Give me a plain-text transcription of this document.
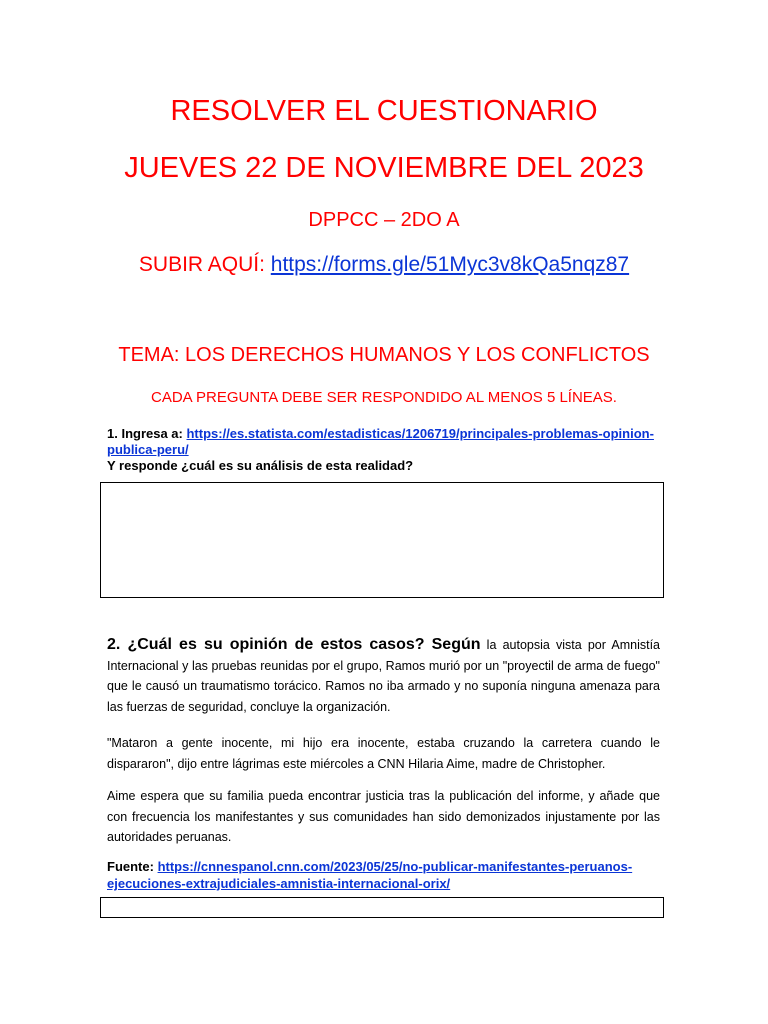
RESOLVER EL CUESTIONARIO
JUEVES 22 DE NOVIEMBRE DEL 2023
DPPCC – 2DO A
SUBIR AQUÍ: https://forms.gle/51Myc3v8kQa5nqz87
TEMA: LOS DERECHOS HUMANOS Y LOS CONFLICTOS
CADA PREGUNTA DEBE SER RESPONDIDO AL MENOS 5 LÍNEAS.
1. Ingresa a: https://es.statista.com/estadisticas/1206719/principales-problemas-opinion-publica-peru/
Y responde ¿cuál es su análisis de esta realidad?
2. ¿Cuál es su opinión de estos casos? Según la autopsia vista por Amnistía Internacional y las pruebas reunidas por el grupo, Ramos murió por un "proyectil de arma de fuego" que le causó un traumatismo torácico. Ramos no iba armado y no suponía ninguna amenaza para las fuerzas de seguridad, concluye la organización.
"Mataron a gente inocente, mi hijo era inocente, estaba cruzando la carretera cuando le dispararon", dijo entre lágrimas este miércoles a CNN Hilaria Aime, madre de Christopher.
Aime espera que su familia pueda encontrar justicia tras la publicación del informe, y añade que con frecuencia los manifestantes y sus comunidades han sido demonizados injustamente por las autoridades peruanas.
Fuente: https://cnnespanol.cnn.com/2023/05/25/no-publicar-manifestantes-peruanos-ejecuciones-extrajudiciales-amnistia-internacional-orix/
